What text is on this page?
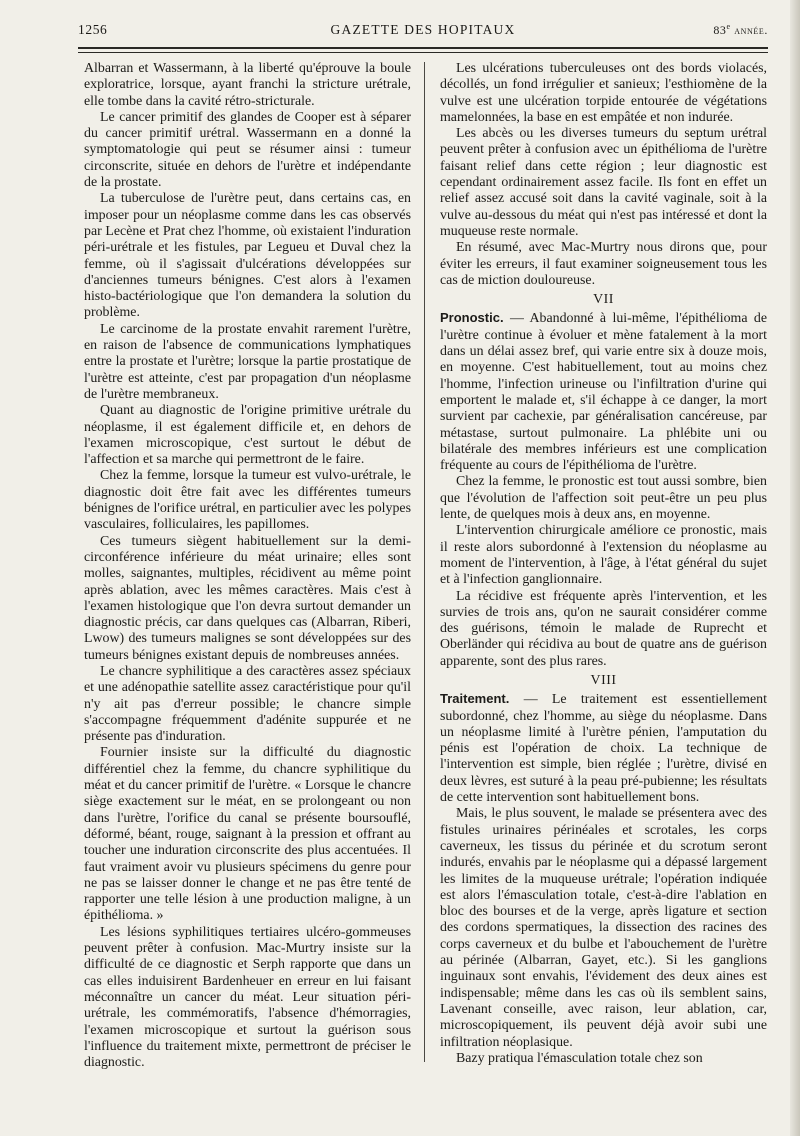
1256	GAZETTE DES HOPITAUX	83e année.

Albarran et Wassermann, à la liberté qu'éprouve la boule exploratrice, lorsque, ayant franchi la stricture urétrale, elle tombe dans la cavité rétro-stricturale.

Le cancer primitif des glandes de Cooper est à séparer du cancer primitif urétral. Wassermann en a donné la symptomatologie qui peut se résumer ainsi : tumeur circonscrite, située en dehors de l'urètre et indépendante de la prostate.

La tuberculose de l'urètre peut, dans certains cas, en imposer pour un néoplasme comme dans les cas observés par Lecène et Prat chez l'homme, où existaient l'induration péri-urétrale et les fistules, par Legueu et Duval chez la femme, où il s'agissait d'ulcérations développées sur d'anciennes tumeurs bénignes. C'est alors à l'examen histo-bactériologique que l'on demandera la solution du problème.

Le carcinome de la prostate envahit rarement l'urètre, en raison de l'absence de communications lymphatiques entre la prostate et l'urètre; lorsque la partie prostatique de l'urètre est atteinte, c'est par propagation d'un néoplasme de l'urètre membraneux.

Quant au diagnostic de l'origine primitive urétrale du néoplasme, il est également difficile et, en dehors de l'examen microscopique, c'est surtout le début de l'affection et sa marche qui permettront de le faire.

Chez la femme, lorsque la tumeur est vulvo-urétrale, le diagnostic doit être fait avec les différentes tumeurs bénignes de l'orifice urétral, en particulier avec les polypes vasculaires, folliculaires, les papillomes.

Ces tumeurs siègent habituellement sur la demi-circonférence inférieure du méat urinaire; elles sont molles, saignantes, multiples, récidivent au même point après ablation, avec les mêmes caractères. Mais c'est à l'examen histologique que l'on devra surtout demander un diagnostic précis, car dans quelques cas (Albarran, Riberi, Lwow) des tumeurs malignes se sont développées sur des tumeurs bénignes existant depuis de nombreuses années.

Le chancre syphilitique a des caractères assez spéciaux et une adénopathie satellite assez caractéristique pour qu'il n'y ait pas d'erreur possible; le chancre simple s'accompagne fréquemment d'adénite suppurée et ne présente pas d'induration.

Fournier insiste sur la difficulté du diagnostic différentiel chez la femme, du chancre syphilitique du méat et du cancer primitif de l'urètre. « Lorsque le chancre siège exactement sur le méat, en se prolongeant ou non dans l'urètre, l'orifice du canal se présente boursouflé, déformé, béant, rouge, saignant à la pression et offrant au toucher une induration circonscrite des plus accentuées. Il faut vraiment avoir vu plusieurs spécimens du genre pour ne pas se laisser donner le change et ne pas être tenté de rapporter une telle lésion à une production maligne, à un épithélioma. »

Les lésions syphilitiques tertiaires ulcéro-gommeuses peuvent prêter à confusion. Mac-Murtry insiste sur la difficulté de ce diagnostic et Serph rapporte que dans un cas elles induisirent Bardenheuer en erreur en lui faisant méconnaître un cancer du méat. Leur situation péri-urétrale, les commémoratifs, l'absence d'hémorragies, l'examen microscopique et surtout la guérison sous l'influence du traitement mixte, permettront de préciser le diagnostic.

Les ulcérations tuberculeuses ont des bords violacés, décollés, un fond irrégulier et sanieux; l'esthiomène de la vulve est une ulcération torpide entourée de végétations mamelonnées, la base en est empâtée et non indurée.

Les abcès ou les diverses tumeurs du septum urétral peuvent prêter à confusion avec un épithélioma de l'urètre faisant relief dans cette région ; leur diagnostic est cependant ordinairement assez facile. Ils font en effet un relief assez accusé soit dans la cavité vaginale, soit à la vulve au-dessous du méat qui n'est pas intéressé et dont la muqueuse reste normale.

En résumé, avec Mac-Murtry nous dirons que, pour éviter les erreurs, il faut examiner soigneusement tous les cas de miction douloureuse.

VII

Pronostic. — Abandonné à lui-même, l'épithélioma de l'urètre continue à évoluer et mène fatalement à la mort dans un délai assez bref, qui varie entre six à douze mois, en moyenne. C'est habituellement, tout au moins chez l'homme, l'infection urineuse ou l'infiltration d'urine qui emportent le malade et, s'il échappe à ce danger, la mort survient par cachexie, par généralisation cancéreuse, par métastase, surtout pulmonaire. La phlébite uni ou bilatérale des membres inférieurs est une complication fréquente au cours de l'épithélioma de l'urètre.

Chez la femme, le pronostic est tout aussi sombre, bien que l'évolution de l'affection soit peut-être un peu plus lente, de quelques mois à deux ans, en moyenne.

L'intervention chirurgicale améliore ce pronostic, mais il reste alors subordonné à l'extension du néoplasme au moment de l'intervention, à l'âge, à l'état général du sujet et à l'infection ganglionnaire.

La récidive est fréquente après l'intervention, et les survies de trois ans, qu'on ne saurait considérer comme des guérisons, témoin le malade de Ruprecht et Oberländer qui récidiva au bout de quatre ans de guérison apparente, sont des plus rares.

VIII

Traitement. — Le traitement est essentiellement subordonné, chez l'homme, au siège du néoplasme. Dans un néoplasme limité à l'urètre pénien, l'amputation du pénis est l'opération de choix. La technique de l'intervention est simple, bien réglée ; l'urètre, divisé en deux lèvres, est suturé à la peau pré-pubienne; les résultats de cette intervention sont habituellement bons.

Mais, le plus souvent, le malade se présentera avec des fistules urinaires périnéales et scrotales, les corps caverneux, les tissus du périnée et du scrotum seront indurés, envahis par le néoplasme qui a dépassé largement les limites de la muqueuse urétrale; l'opération indiquée est alors l'émasculation totale, c'est-à-dire l'ablation en bloc des bourses et de la verge, après ligature et section des cordons spermatiques, la dissection des racines des corps caverneux et du bulbe et l'abouchement de l'urètre au périnée (Albarran, Gayet, etc.). Si les ganglions inguinaux sont envahis, l'évidement des deux aines est indispensable; même dans les cas où ils semblent sains, Lavenant conseille, avec raison, leur ablation, car, microscopiquement, ils peuvent déjà avoir subi une infiltration néoplasique.

Bazy pratiqua l'émasculation totale chez son
